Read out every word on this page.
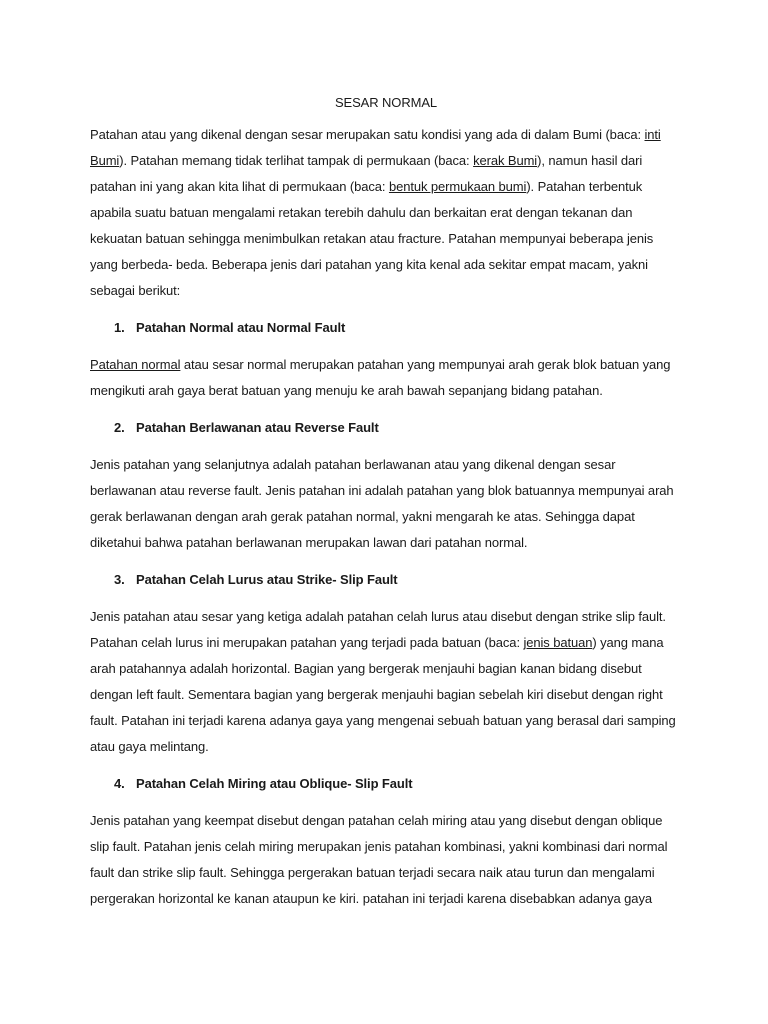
SESAR NORMAL

Patahan atau yang dikenal dengan sesar merupakan satu kondisi yang ada di dalam Bumi (baca: inti Bumi). Patahan memang tidak terlihat tampak di permukaan (baca: kerak Bumi), namun hasil dari patahan ini yang akan kita lihat di permukaan (baca: bentuk permukaan bumi). Patahan terbentuk apabila suatu batuan mengalami retakan terebih dahulu dan berkaitan erat dengan tekanan dan kekuatan batuan sehingga menimbulkan retakan atau fracture. Patahan mempunyai beberapa jenis yang berbeda- beda. Beberapa jenis dari patahan yang kita kenal ada sekitar empat macam, yakni sebagai berikut:

1. Patahan Normal atau Normal Fault

Patahan normal atau sesar normal merupakan patahan yang mempunyai arah gerak blok batuan yang mengikuti arah gaya berat batuan yang menuju ke arah bawah sepanjang bidang patahan.

2. Patahan Berlawanan atau Reverse Fault

Jenis patahan yang selanjutnya adalah patahan berlawanan atau yang dikenal dengan sesar berlawanan atau reverse fault. Jenis patahan ini adalah patahan yang blok batuannya mempunyai arah gerak berlawanan dengan arah gerak patahan normal, yakni mengarah ke atas. Sehingga dapat diketahui bahwa patahan berlawanan merupakan lawan dari patahan normal.

3. Patahan Celah Lurus atau Strike- Slip Fault

Jenis patahan atau sesar yang ketiga adalah patahan celah lurus atau disebut dengan strike slip fault. Patahan celah lurus ini merupakan patahan yang terjadi pada batuan (baca: jenis batuan) yang mana arah patahannya adalah horizontal. Bagian yang bergerak menjauhi bagian kanan bidang disebut dengan left fault. Sementara bagian yang bergerak menjauhi bagian sebelah kiri disebut dengan right fault. Patahan ini terjadi karena adanya gaya yang mengenai sebuah batuan yang berasal dari samping atau gaya melintang.

4. Patahan Celah Miring atau Oblique- Slip Fault

Jenis patahan yang keempat disebut dengan patahan celah miring atau yang disebut dengan oblique slip fault. Patahan jenis celah miring merupakan jenis patahan kombinasi, yakni kombinasi dari normal fault dan strike slip fault. Sehingga pergerakan batuan terjadi secara naik atau turun dan mengalami pergerakan horizontal ke kanan ataupun ke kiri. patahan ini terjadi karena disebabkan adanya gaya
